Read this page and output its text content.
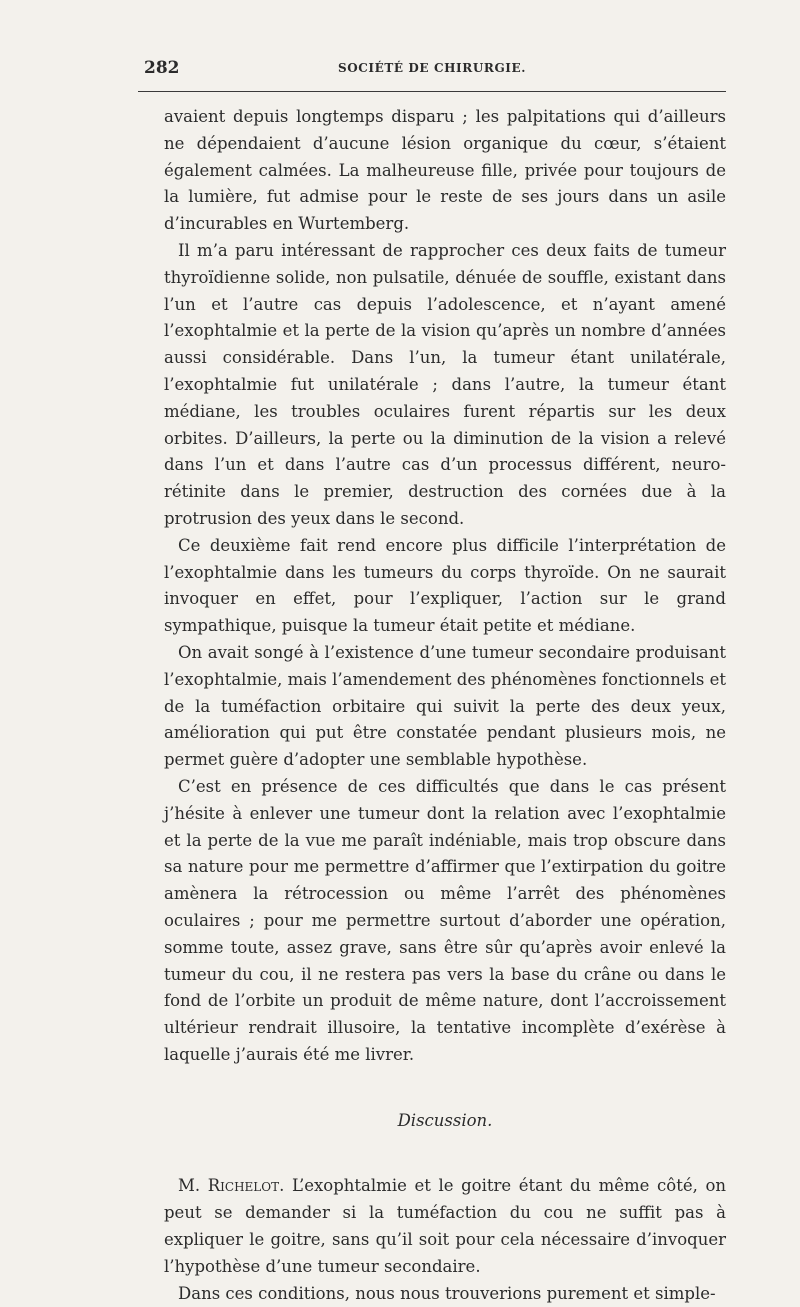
282	SOCIÉTÉ DE CHIRURGIE.

avaient depuis longtemps disparu ; les palpitations qui d’ailleurs ne dépendaient d’aucune lésion organique du cœur, s’étaient également calmées. La malheureuse fille, privée pour toujours de la lumière, fut admise pour le reste de ses jours dans un asile d’incurables en Wurtemberg.

Il m’a paru intéressant de rapprocher ces deux faits de tumeur thyroïdienne solide, non pulsatile, dénuée de souffle, existant dans l’un et l’autre cas depuis l’adolescence, et n’ayant amené l’exophtalmie et la perte de la vision qu’après un nombre d’années aussi considérable. Dans l’un, la tumeur étant unilatérale, l’exophtalmie fut unilatérale ; dans l’autre, la tumeur étant médiane, les troubles oculaires furent répartis sur les deux orbites. D’ailleurs, la perte ou la diminution de la vision a relevé dans l’un et dans l’autre cas d’un processus différent, neuro-rétinite dans le premier, destruction des cornées due à la protrusion des yeux dans le second.

Ce deuxième fait rend encore plus difficile l’interprétation de l’exophtalmie dans les tumeurs du corps thyroïde. On ne saurait invoquer en effet, pour l’expliquer, l’action sur le grand sympathique, puisque la tumeur était petite et médiane.

On avait songé à l’existence d’une tumeur secondaire produisant l’exophtalmie, mais l’amendement des phénomènes fonctionnels et de la tuméfaction orbitaire qui suivit la perte des deux yeux, amélioration qui put être constatée pendant plusieurs mois, ne permet guère d’adopter une semblable hypothèse.

C’est en présence de ces difficultés que dans le cas présent j’hésite à enlever une tumeur dont la relation avec l’exophtalmie et la perte de la vue me paraît indéniable, mais trop obscure dans sa nature pour me permettre d’affirmer que l’extirpation du goitre amènera la rétrocession ou même l’arrêt des phénomènes oculaires ; pour me permettre surtout d’aborder une opération, somme toute, assez grave, sans être sûr qu’après avoir enlevé la tumeur du cou, il ne restera pas vers la base du crâne ou dans le fond de l’orbite un produit de même nature, dont l’accroissement ultérieur rendrait illusoire, la tentative incomplète d’exérèse à laquelle j’aurais été me livrer.

Discussion.

M. Richelot. L’exophtalmie et le goitre étant du même côté, on peut se demander si la tuméfaction du cou ne suffit pas à expliquer le goitre, sans qu’il soit pour cela nécessaire d’invoquer l’hypothèse d’une tumeur secondaire.

Dans ces conditions, nous nous trouverions purement et simple-
